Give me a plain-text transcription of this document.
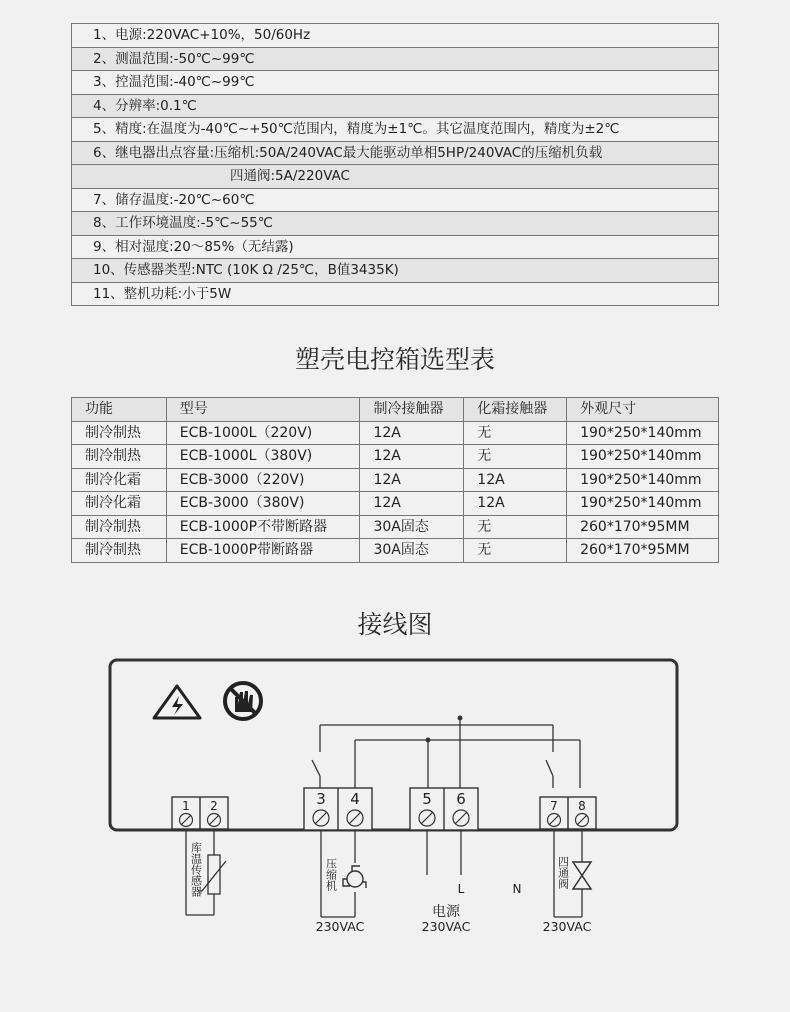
1、电源:220VAC+10%，50/60Hz
2、测温范围:-50℃~99℃
3、控温范围:-40℃~99℃
4、分辨率:0.1℃
5、精度:在温度为-40℃~+50℃范围内，精度为±1℃。其它温度范围内，精度为±2℃
6、继电器出点容量:压缩机:50A/240VAC最大能驱动单相5HP/240VAC的压缩机负载
四通阀:5A/220VAC
7、储存温度:-20℃~60℃
8、工作环境温度:-5℃~55℃
9、相对湿度:20～85%（无结露)
10、传感器类型:NTC (10K Ω /25℃，B值3435K)
11、整机功耗:小于5W
塑壳电控箱选型表
功能	型号	制冷接触器	化霜接触器	外观尺寸
制冷制热	ECB-1000L（220V)	12A	无	190*250*140mm
制冷制热	ECB-1000L（380V)	12A	无	190*250*140mm
制冷化霜	ECB-3000（220V)	12A	12A	190*250*140mm
制冷化霜	ECB-3000（380V)	12A	12A	190*250*140mm
制冷制热	ECB-1000P不带断路器	30A固态	无	260*170*95MM
制冷制热	ECB-1000P带断路器	30A固态	无	260*170*95MM
接线图
1 2	3 4	5 6	7 8
库温传感器	压缩机	四通阀
L	N
电源
230VAC	230VAC	230VAC
